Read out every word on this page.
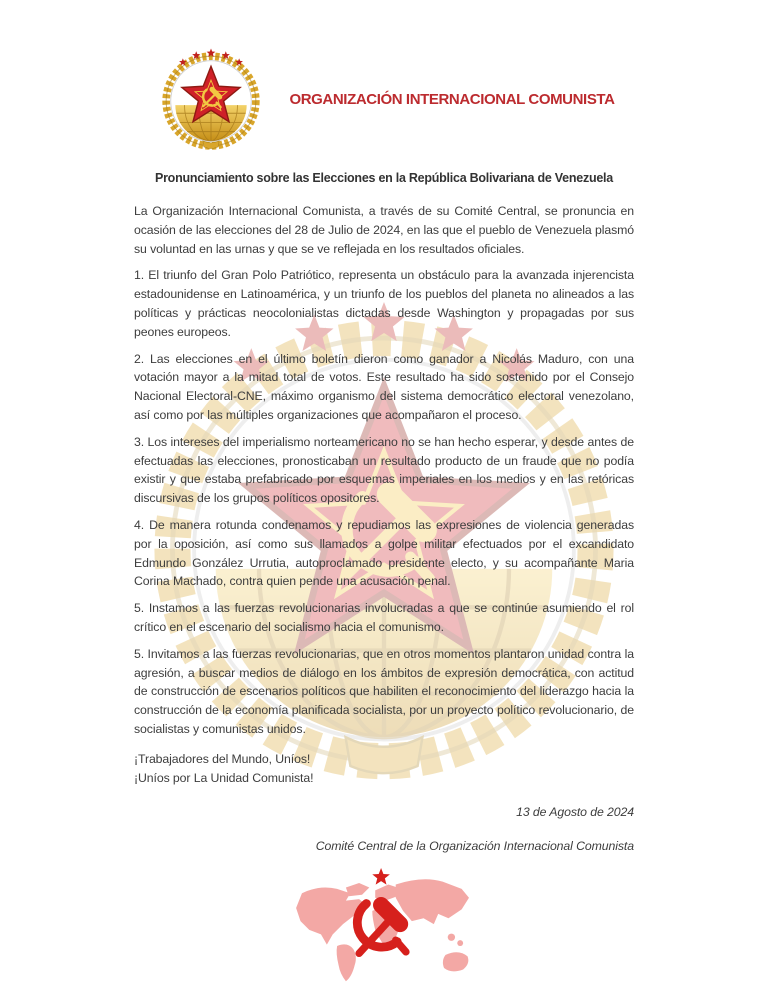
ORGANIZACIÓN INTERNACIONAL COMUNISTA
Pronunciamiento sobre las Elecciones en la República Bolivariana de Venezuela

La Organización Internacional Comunista, a través de su Comité Central, se pronuncia en ocasión de las elecciones del 28 de Julio de 2024, en las que el pueblo de Venezuela plasmó su voluntad en las urnas y que se ve reflejada en los resultados oficiales.

1. El triunfo del Gran Polo Patriótico, representa un obstáculo para la avanzada injerencista estadounidense en Latinoamérica, y un triunfo de los pueblos del planeta no alineados a las políticas y prácticas neocolonialistas dictadas desde Washington y propagadas por sus peones europeos.

2. Las elecciones en el último boletín dieron como ganador a Nicolás Maduro, con una votación mayor a la mitad total de votos. Este resultado ha sido sostenido por el Consejo Nacional Electoral-CNE, máximo organismo del sistema democrático electoral venezolano, así como por las múltiples organizaciones que acompañaron el proceso.

3. Los intereses del imperialismo norteamericano no se han hecho esperar, y desde antes de efectuadas las elecciones, pronosticaban un resultado producto de un fraude que no podía existir y que estaba prefabricado por esquemas imperiales en los medios y en las retóricas discursivas de los grupos políticos opositores.

4. De manera rotunda condenamos y repudiamos las expresiones de violencia generadas por la oposición, así como sus llamados a golpe militar efectuados por el excandidato Edmundo González Urrutia, autoproclamado presidente electo, y su acompañante Maria Corina Machado, contra quien pende una acusación penal.

5. Instamos a las fuerzas revolucionarias involucradas a que se continúe asumiendo el rol crítico en el escenario del socialismo hacia el comunismo.

5. Invitamos a las fuerzas revolucionarias, que en otros momentos plantaron unidad contra la agresión, a buscar medios de diálogo en los ámbitos de expresión democrática, con actitud de construcción de escenarios políticos que habiliten el reconocimiento del liderazgo hacia la construcción de la economía planificada socialista, por un proyecto político revolucionario, de socialistas y comunistas unidos.

¡Trabajadores del Mundo, Uníos!
¡Uníos por La Unidad Comunista!
13 de Agosto de 2024
Comité Central de la Organización Internacional Comunista
